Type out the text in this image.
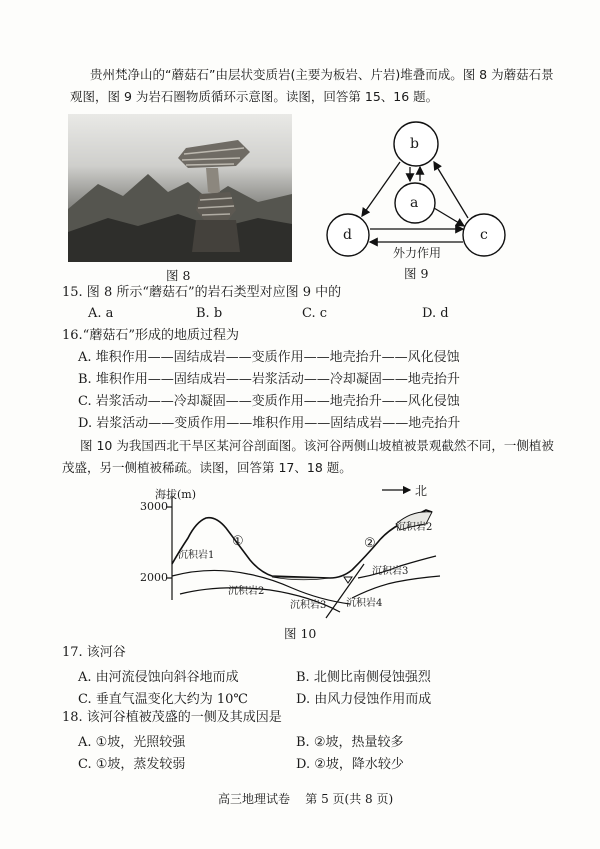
贵州梵净山的“蘑菇石”由层状变质岩(主要为板岩、片岩)堆叠而成。图 8 为蘑菇石景
观图，图 9 为岩石圈物质循环示意图。读图，回答第 15、16 题。
图 8
b
a
d	c
外力作用
图 9
15. 图 8 所示“蘑菇石”的岩石类型对应图 9 中的
A. a	B. b	C. c	D. d
16.“蘑菇石”形成的地质过程为
A. 堆积作用——固结成岩——变质作用——地壳抬升——风化侵蚀
B. 堆积作用——固结成岩——岩浆活动——冷却凝固——地壳抬升
C. 岩浆活动——冷却凝固——变质作用——地壳抬升——风化侵蚀
D. 岩浆活动——变质作用——堆积作用——固结成岩——地壳抬升
图 10 为我国西北干旱区某河谷剖面图。该河谷两侧山坡植被景观截然不同，一侧植被
茂盛，另一侧植被稀疏。读图，回答第 17、18 题。
海拔(m)
3000
2000
北
①	②
沉积岩1
沉积岩2
沉积岩3 沉积岩4
沉积岩3
沉积岩2
图 10
17. 该河谷
A. 由河流侵蚀向斜谷地而成	B. 北侧比南侧侵蚀强烈
C. 垂直气温变化大约为 10℃	D. 由风力侵蚀作用而成
18. 该河谷植被茂盛的一侧及其成因是
A. ①坡，光照较强	B. ②坡，热量较多
C. ①坡，蒸发较弱	D. ②坡，降水较少
高三地理试卷    第 5 页(共 8 页)
